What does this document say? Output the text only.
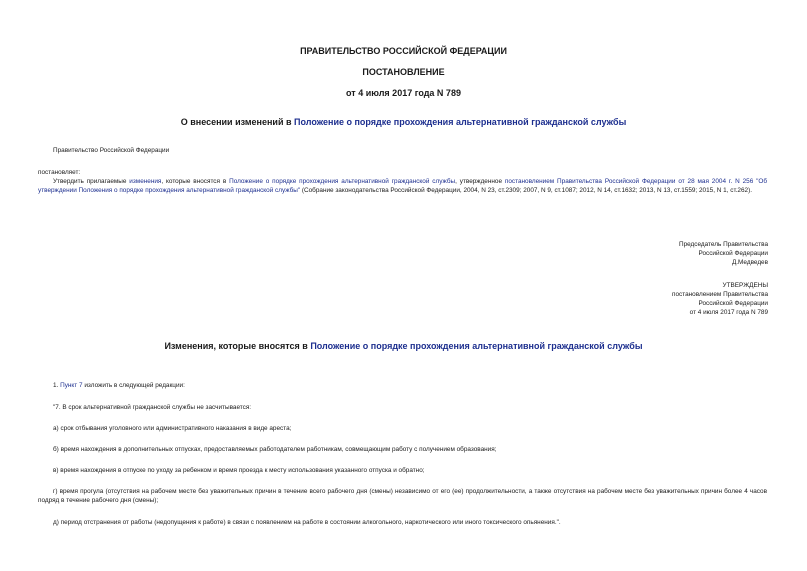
ПРАВИТЕЛЬСТВО РОССИЙСКОЙ ФЕДЕРАЦИИ
ПОСТАНОВЛЕНИЕ
от 4 июля 2017 года N 789
О внесении изменений в Положение о порядке прохождения альтернативной гражданской службы
Правительство Российской Федерации
постановляет:
Утвердить прилагаемые изменения, которые вносятся в Положение о порядке прохождения альтернативной гражданской службы, утвержденное постановлением Правительства Российской Федерации от 28 мая 2004 г. N 256 "Об утверждении Положения о порядке прохождения альтернативной гражданской службы" (Собрание законодательства Российской Федерации, 2004, N 23, ст.2309; 2007, N 9, ст.1087; 2012, N 14, ст.1632; 2013, N 13, ст.1559; 2015, N 1, ст.262).
Председатель Правительства
Российской Федерации
Д.Медведев
УТВЕРЖДЕНЫ
постановлением Правительства
Российской Федерации
от 4 июля 2017 года N 789
Изменения, которые вносятся в Положение о порядке прохождения альтернативной гражданской службы
1. Пункт 7 изложить в следующей редакции:
"7. В срок альтернативной гражданской службы не засчитывается:
а) срок отбывания уголовного или административного наказания в виде ареста;
б) время нахождения в дополнительных отпусках, предоставляемых работодателем работникам, совмещающим работу с получением образования;
в) время нахождения в отпуске по уходу за ребенком и время проезда к месту использования указанного отпуска и обратно;
г) время прогула (отсутствия на рабочем месте без уважительных причин в течение всего рабочего дня (смены) независимо от его (ее) продолжительности, а также отсутствия на рабочем месте без уважительных причин более 4 часов подряд в течение рабочего дня (смены);
д) период отстранения от работы (недопущения к работе) в связи с появлением на работе в состоянии алкогольного, наркотического или иного токсического опьянения.".
